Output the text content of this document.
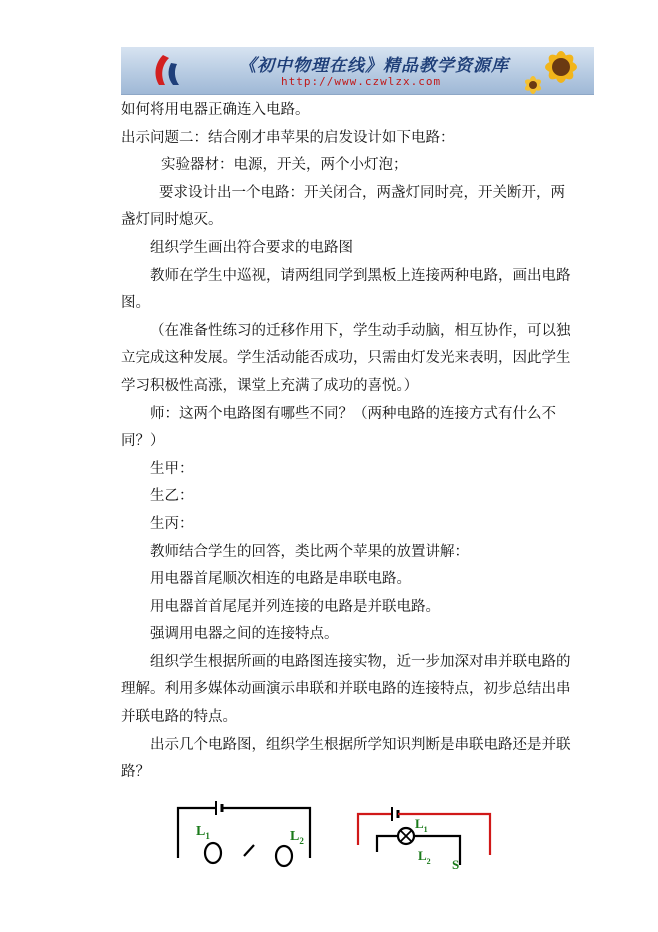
《初中物理在线》精品教学资源库
http://www.czwlzx.com

如何将用电器正确连入电路。

出示问题二：结合刚才串苹果的启发设计如下电路：

实验器材：电源，开关，两个小灯泡；

要求设计出一个电路：开关闭合，两盏灯同时亮，开关断开，两

盏灯同时熄灭。

组织学生画出符合要求的电路图

教师在学生中巡视，请两组同学到黑板上连接两种电路，画出电路

图。

（在准备性练习的迁移作用下，学生动手动脑，相互协作，可以独

立完成这种发展。学生活动能否成功，只需由灯发光来表明，因此学生

学习积极性高涨，课堂上充满了成功的喜悦。）

师：这两个电路图有哪些不同？（两种电路的连接方式有什么不

同？）

生甲：

生乙：

生丙：

教师结合学生的回答，类比两个苹果的放置讲解：

用电器首尾顺次相连的电路是串联电路。

用电器首首尾尾并列连接的电路是并联电路。

强调用电器之间的连接特点。

组织学生根据所画的电路图连接实物，近一步加深对串并联电路的

理解。利用多媒体动画演示串联和并联电路的连接特点，初步总结出串

并联电路的特点。

出示几个电路图，组织学生根据所学知识判断是串联电路还是并联

路？

$L_1$	$L_2$
$L_1$
$L_2$ S
